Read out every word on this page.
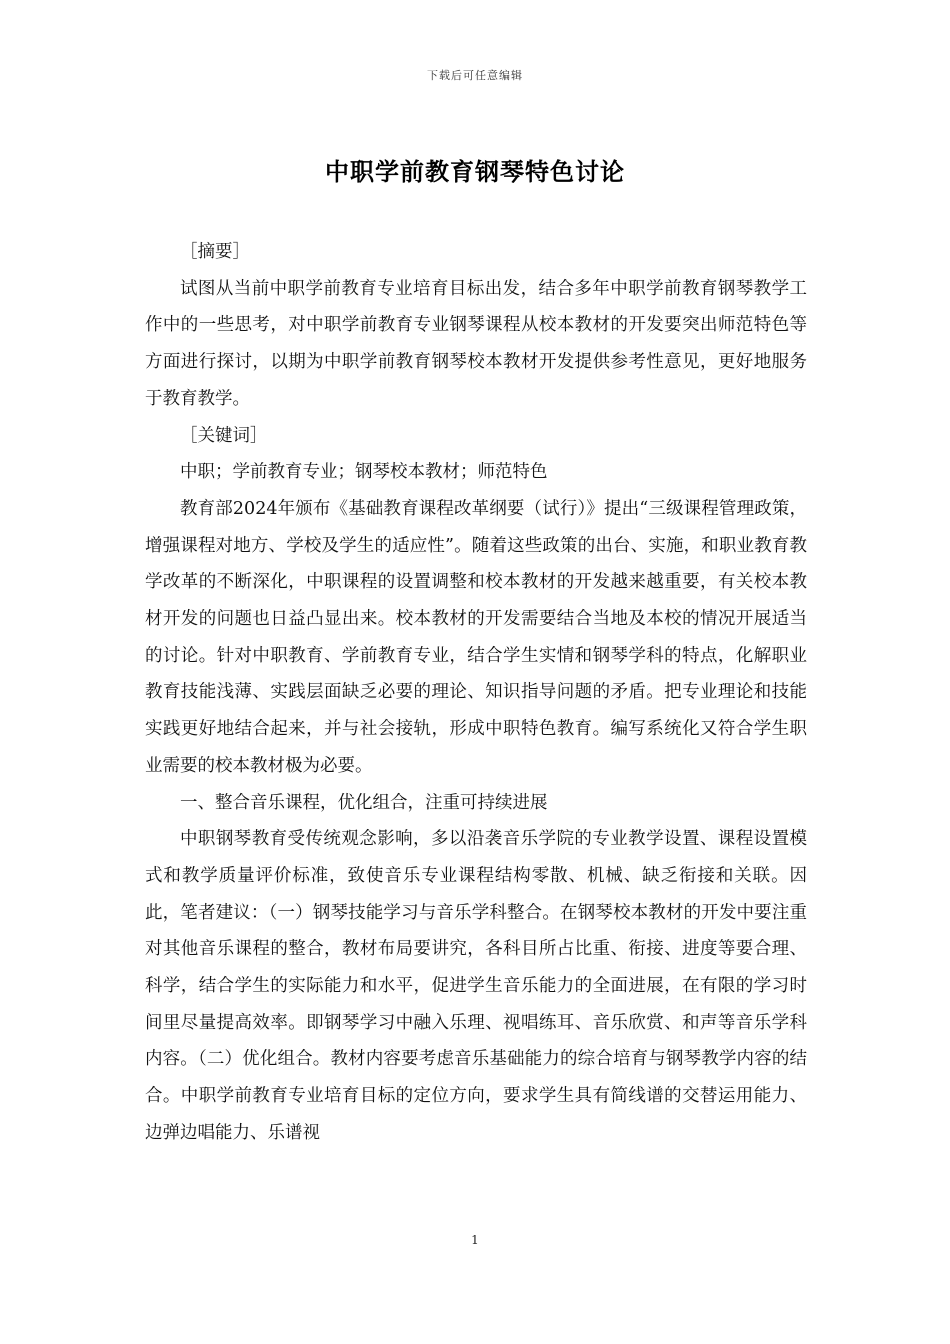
下载后可任意编辑
中职学前教育钢琴特色讨论

［摘要］

试图从当前中职学前教育专业培育目标出发，结合多年中职学前教育钢琴教学工作中的一些思考，对中职学前教育专业钢琴课程从校本教材的开发要突出师范特色等方面进行探讨，以期为中职学前教育钢琴校本教材开发提供参考性意见，更好地服务于教育教学。

［关键词］

中职；学前教育专业；钢琴校本教材；师范特色

教育部2024年颁布《基础教育课程改革纲要（试行）》提出“三级课程管理政策，增强课程对地方、学校及学生的适应性”。随着这些政策的出台、实施，和职业教育教学改革的不断深化，中职课程的设置调整和校本教材的开发越来越重要，有关校本教材开发的问题也日益凸显出来。校本教材的开发需要结合当地及本校的情况开展适当的讨论。针对中职教育、学前教育专业，结合学生实情和钢琴学科的特点，化解职业教育技能浅薄、实践层面缺乏必要的理论、知识指导问题的矛盾。把专业理论和技能实践更好地结合起来，并与社会接轨，形成中职特色教育。编写系统化又符合学生职业需要的校本教材极为必要。

一、整合音乐课程，优化组合，注重可持续进展

中职钢琴教育受传统观念影响，多以沿袭音乐学院的专业教学设置、课程设置模式和教学质量评价标准，致使音乐专业课程结构零散、机械、缺乏衔接和关联。因此，笔者建议：（一）钢琴技能学习与音乐学科整合。在钢琴校本教材的开发中要注重对其他音乐课程的整合，教材布局要讲究，各科目所占比重、衔接、进度等要合理、科学，结合学生的实际能力和水平，促进学生音乐能力的全面进展，在有限的学习时间里尽量提高效率。即钢琴学习中融入乐理、视唱练耳、音乐欣赏、和声等音乐学科内容。（二）优化组合。教材内容要考虑音乐基础能力的综合培育与钢琴教学内容的结合。中职学前教育专业培育目标的定位方向，要求学生具有简线谱的交替运用能力、边弹边唱能力、乐谱视

1
